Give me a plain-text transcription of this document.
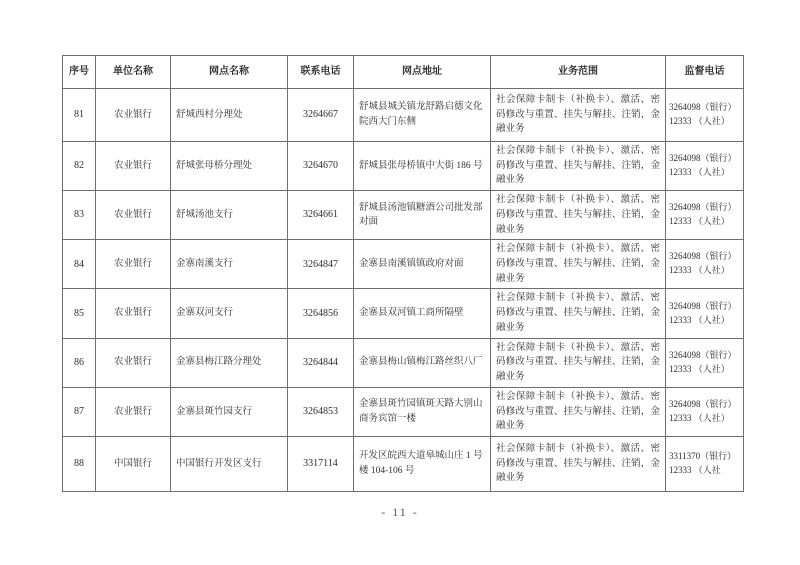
序号	单位名称	网点名称	联系电话	网点地址	业务范围	监督电话
81	农业银行	舒城西村分理处	3264667	舒城县城关镇龙舒路启德文化院西大门东侧	社会保障卡制卡（补换卡）、激活、密码修改与重置、挂失与解挂、注销，金融业务	3264098（银行）
12333 （人社）

82	农业银行	舒城张母桥分理处	3264670	舒城县张母桥镇中大街 186 号	社会保障卡制卡（补换卡）、激活、密码修改与重置、挂失与解挂、注销，金融业务	3264098（银行）
12333 （人社）

83	农业银行	舒城汤池支行	3264661	舒城县汤池镇糖酒公司批发部对面	社会保障卡制卡（补换卡）、激活、密码修改与重置、挂失与解挂、注销，金融业务	3264098（银行）
12333 （人社）

84	农业银行	金寨南溪支行	3264847	金寨县南溪镇镇政府对面	社会保障卡制卡（补换卡）、激活、密码修改与重置、挂失与解挂、注销，金融业务	3264098（银行）
12333 （人社）

85	农业银行	金寨双河支行	3264856	金寨县双河镇工商所隔壁	社会保障卡制卡（补换卡）、激活、密码修改与重置、挂失与解挂、注销，金融业务	3264098（银行）
12333 （人社）

86	农业银行	金寨县梅江路分理处	3264844	金寨县梅山镇梅江路丝织八厂	社会保障卡制卡（补换卡）、激活、密码修改与重置、挂失与解挂、注销，金融业务	3264098（银行）
12333 （人社）

87	农业银行	金寨县斑竹园支行	3264853	金寨县斑竹园镇斑天路大别山商务宾馆一楼	社会保障卡制卡（补换卡）、激活、密码修改与重置、挂失与解挂、注销，金融业务	3264098（银行）
12333 （人社）

88	中国银行	中国银行开发区支行	3317114	开发区皖西大道皋城山庄 1 号楼 104-106 号	社会保障卡制卡（补换卡）、激活、密码修改与重置、挂失与解挂、注销，金融业务	3311370（银行）
12333 （人社
- 11 -
